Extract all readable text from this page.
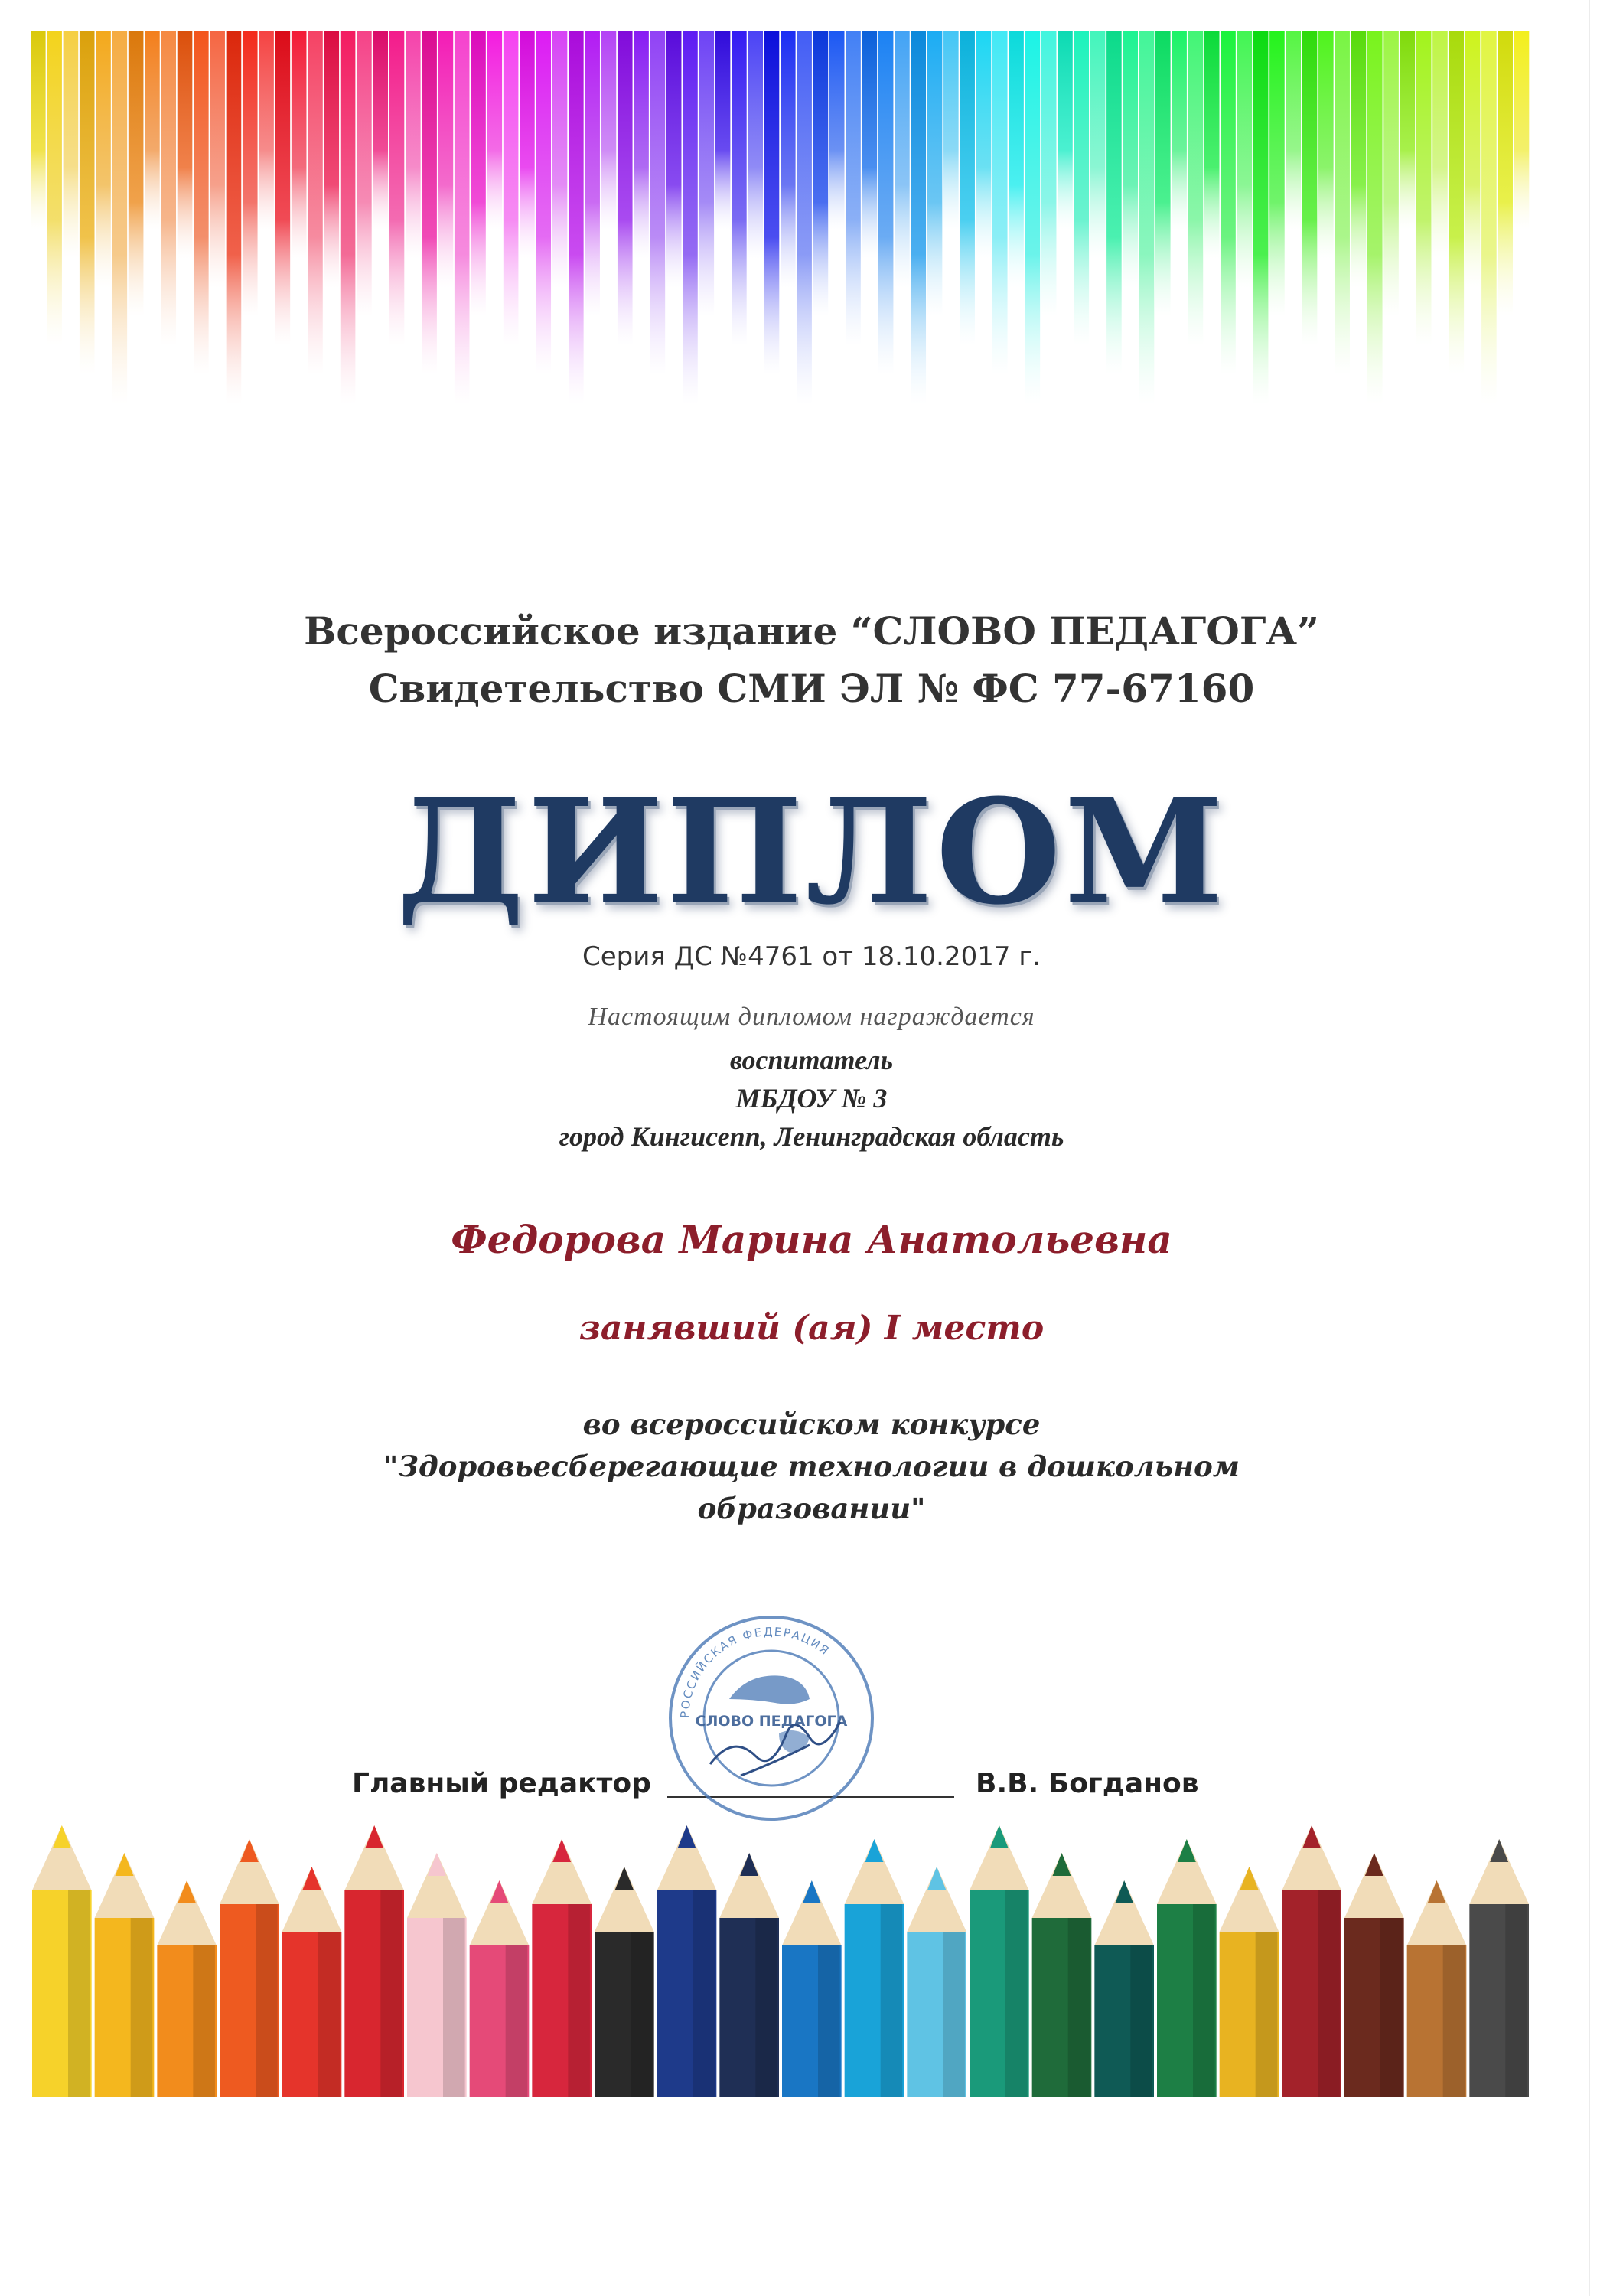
Всероссийское издание “СЛОВО ПЕДАГОГА”
Свидетельство СМИ ЭЛ № ФС 77-67160
ДИПЛОМ
Серия ДС №4761 от 18.10.2017 г.
Настоящим дипломом награждается
воспитатель
МБДОУ № 3
город Кингисепп, Ленинградская область
Федорова Марина Анатольевна
занявший (ая) I место
во всероссийском конкурсе
"Здоровьесберегающие технологии в дошкольном
образовании"
Главный редактор	В.В. Богданов
РОССИЙСКАЯ ФЕДЕРАЦИЯ
СЛОВО ПЕДАГОГА
